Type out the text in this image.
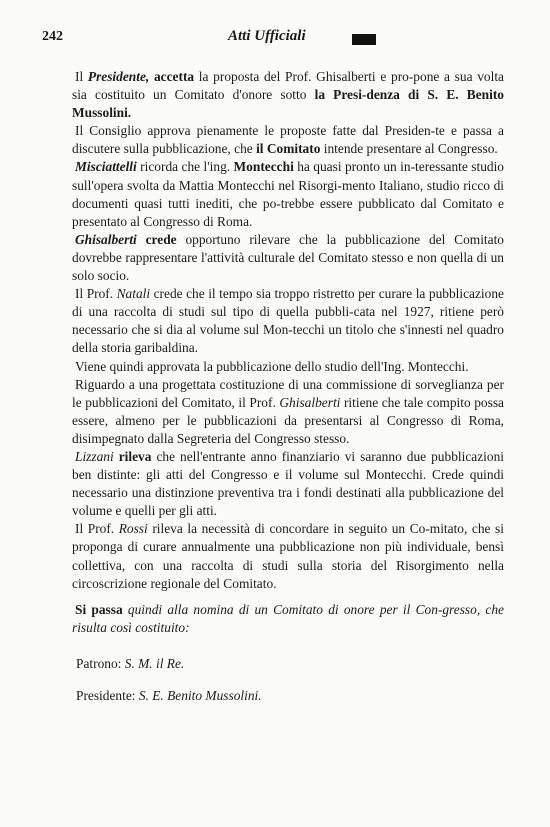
242	Atti Ufficiali

Il Presidente, accetta la proposta del Prof. Ghisalberti e pro-pone a sua volta sia costituito un Comitato d'onore sotto la Presi-denza di S. E. Benito Mussolini.

Il Consiglio approva pienamente le proposte fatte dal Presiden-te e passa a discutere sulla pubblicazione, che il Comitato intende presentare al Congresso.

Misciattelli ricorda che l'ing. Montecchi ha quasi pronto un in-teressante studio sull'opera svolta da Mattia Montecchi nel Risorgi-mento Italiano, studio ricco di documenti quasi tutti inediti, che po-trebbe essere pubblicato dal Comitato e presentato al Congresso di Roma.

Ghisalberti crede opportuno rilevare che la pubblicazione del Comitato dovrebbe rappresentare l'attività culturale del Comitato stesso e non quella di un solo socio.

Il Prof. Natali crede che il tempo sia troppo ristretto per curare la pubblicazione di una raccolta di studi sul tipo di quella pubbli-cata nel 1927, ritiene però necessario che si dia al volume sul Mon-tecchi un titolo che s'innesti nel quadro della storia garibaldina.

Viene quindi approvata la pubblicazione dello studio dell'Ing. Montecchi.

Riguardo a una progettata costituzione di una commissione di sorveglianza per le pubblicazioni del Comitato, il Prof. Ghisalberti ritiene che tale compito possa essere, almeno per le pubblicazioni da presentarsi al Congresso di Roma, disimpegnato dalla Segreteria del Congresso stesso.

Lizzani rileva che nell'entrante anno finanziario vi saranno due pubblicazioni ben distinte: gli atti del Congresso e il volume sul Montecchi. Crede quindi necessario una distinzione preventiva tra i fondi destinati alla pubblicazione del volume e quelli per gli atti.

Il Prof. Rossi rileva la necessità di concordare in seguito un Co-mitato, che si proponga di curare annualmente una pubblicazione non più individuale, bensì collettiva, con una raccolta di studi sulla storia del Risorgimento nella circoscrizione regionale del Comitato.

Si passa quindi alla nomina di un Comitato di onore per il Con-gresso, che risulta così costituito:

Patrono: S. M. il Re.
Presidente: S. E. Benito Mussolini.
